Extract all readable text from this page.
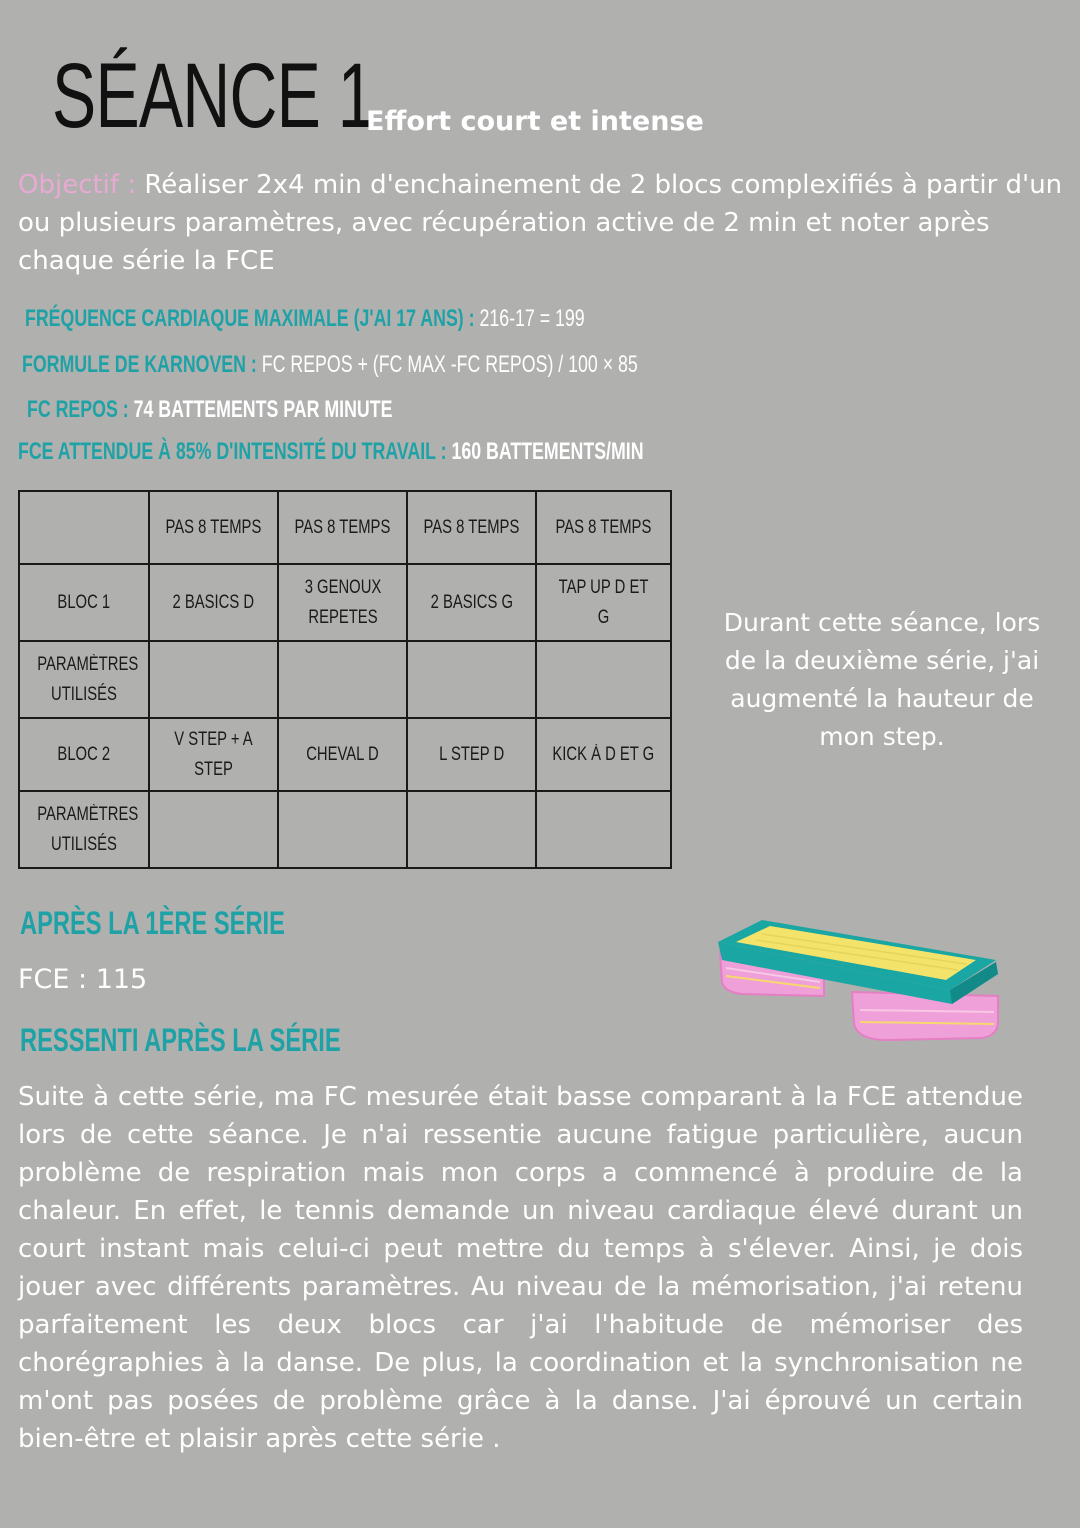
SÉANCE 1
Effort court et intense
Objectif : Réaliser 2x4 min d'enchainement de 2 blocs complexifiés à partir d'un ou plusieurs paramètres, avec récupération active de 2 min et noter après chaque série la FCE
FRÉQUENCE CARDIAQUE MAXIMALE (J'AI 17 ANS) : 216-17 = 199
FORMULE DE KARNOVEN : FC REPOS + (FC MAX -FC REPOS) / 100 × 85
FC REPOS : 74 BATTEMENTS PAR MINUTE
FCE ATTENDUE À 85% D'INTENSITÉ DU TRAVAIL : 160 BATTEMENTS/MIN
	PAS 8 TEMPS	PAS 8 TEMPS	PAS 8 TEMPS	PAS 8 TEMPS
BLOC 1	2 BASICS D	3 GENOUX REPETES	2 BASICS G	TAP UP D ET G
PARAMÈTRES UTILISÉS				
BLOC 2	V STEP + A STEP	CHEVAL D	L STEP D	KICK À D ET G
PARAMÈTRES UTILISÉS				
Durant cette séance, lors de la deuxième série, j'ai augmenté la hauteur de mon step.
APRÈS LA 1ÈRE SÉRIE
FCE : 115
RESSENTI APRÈS LA SÉRIE
Suite à cette série, ma FC mesurée était basse comparant à la FCE attendue lors de cette séance. Je n'ai ressentie aucune fatigue particulière, aucun problème de respiration mais mon corps a commencé à produire de la chaleur. En effet, le tennis demande un niveau cardiaque élevé durant un court instant mais celui-ci peut mettre du temps à s'élever. Ainsi, je dois jouer avec différents paramètres. Au niveau de la mémorisation, j'ai retenu parfaitement les deux blocs car j'ai l'habitude de mémoriser des chorégraphies à la danse. De plus, la coordination et la synchronisation ne m'ont pas posées de problème grâce à la danse. J'ai éprouvé un certain bien-être et plaisir après cette série .
